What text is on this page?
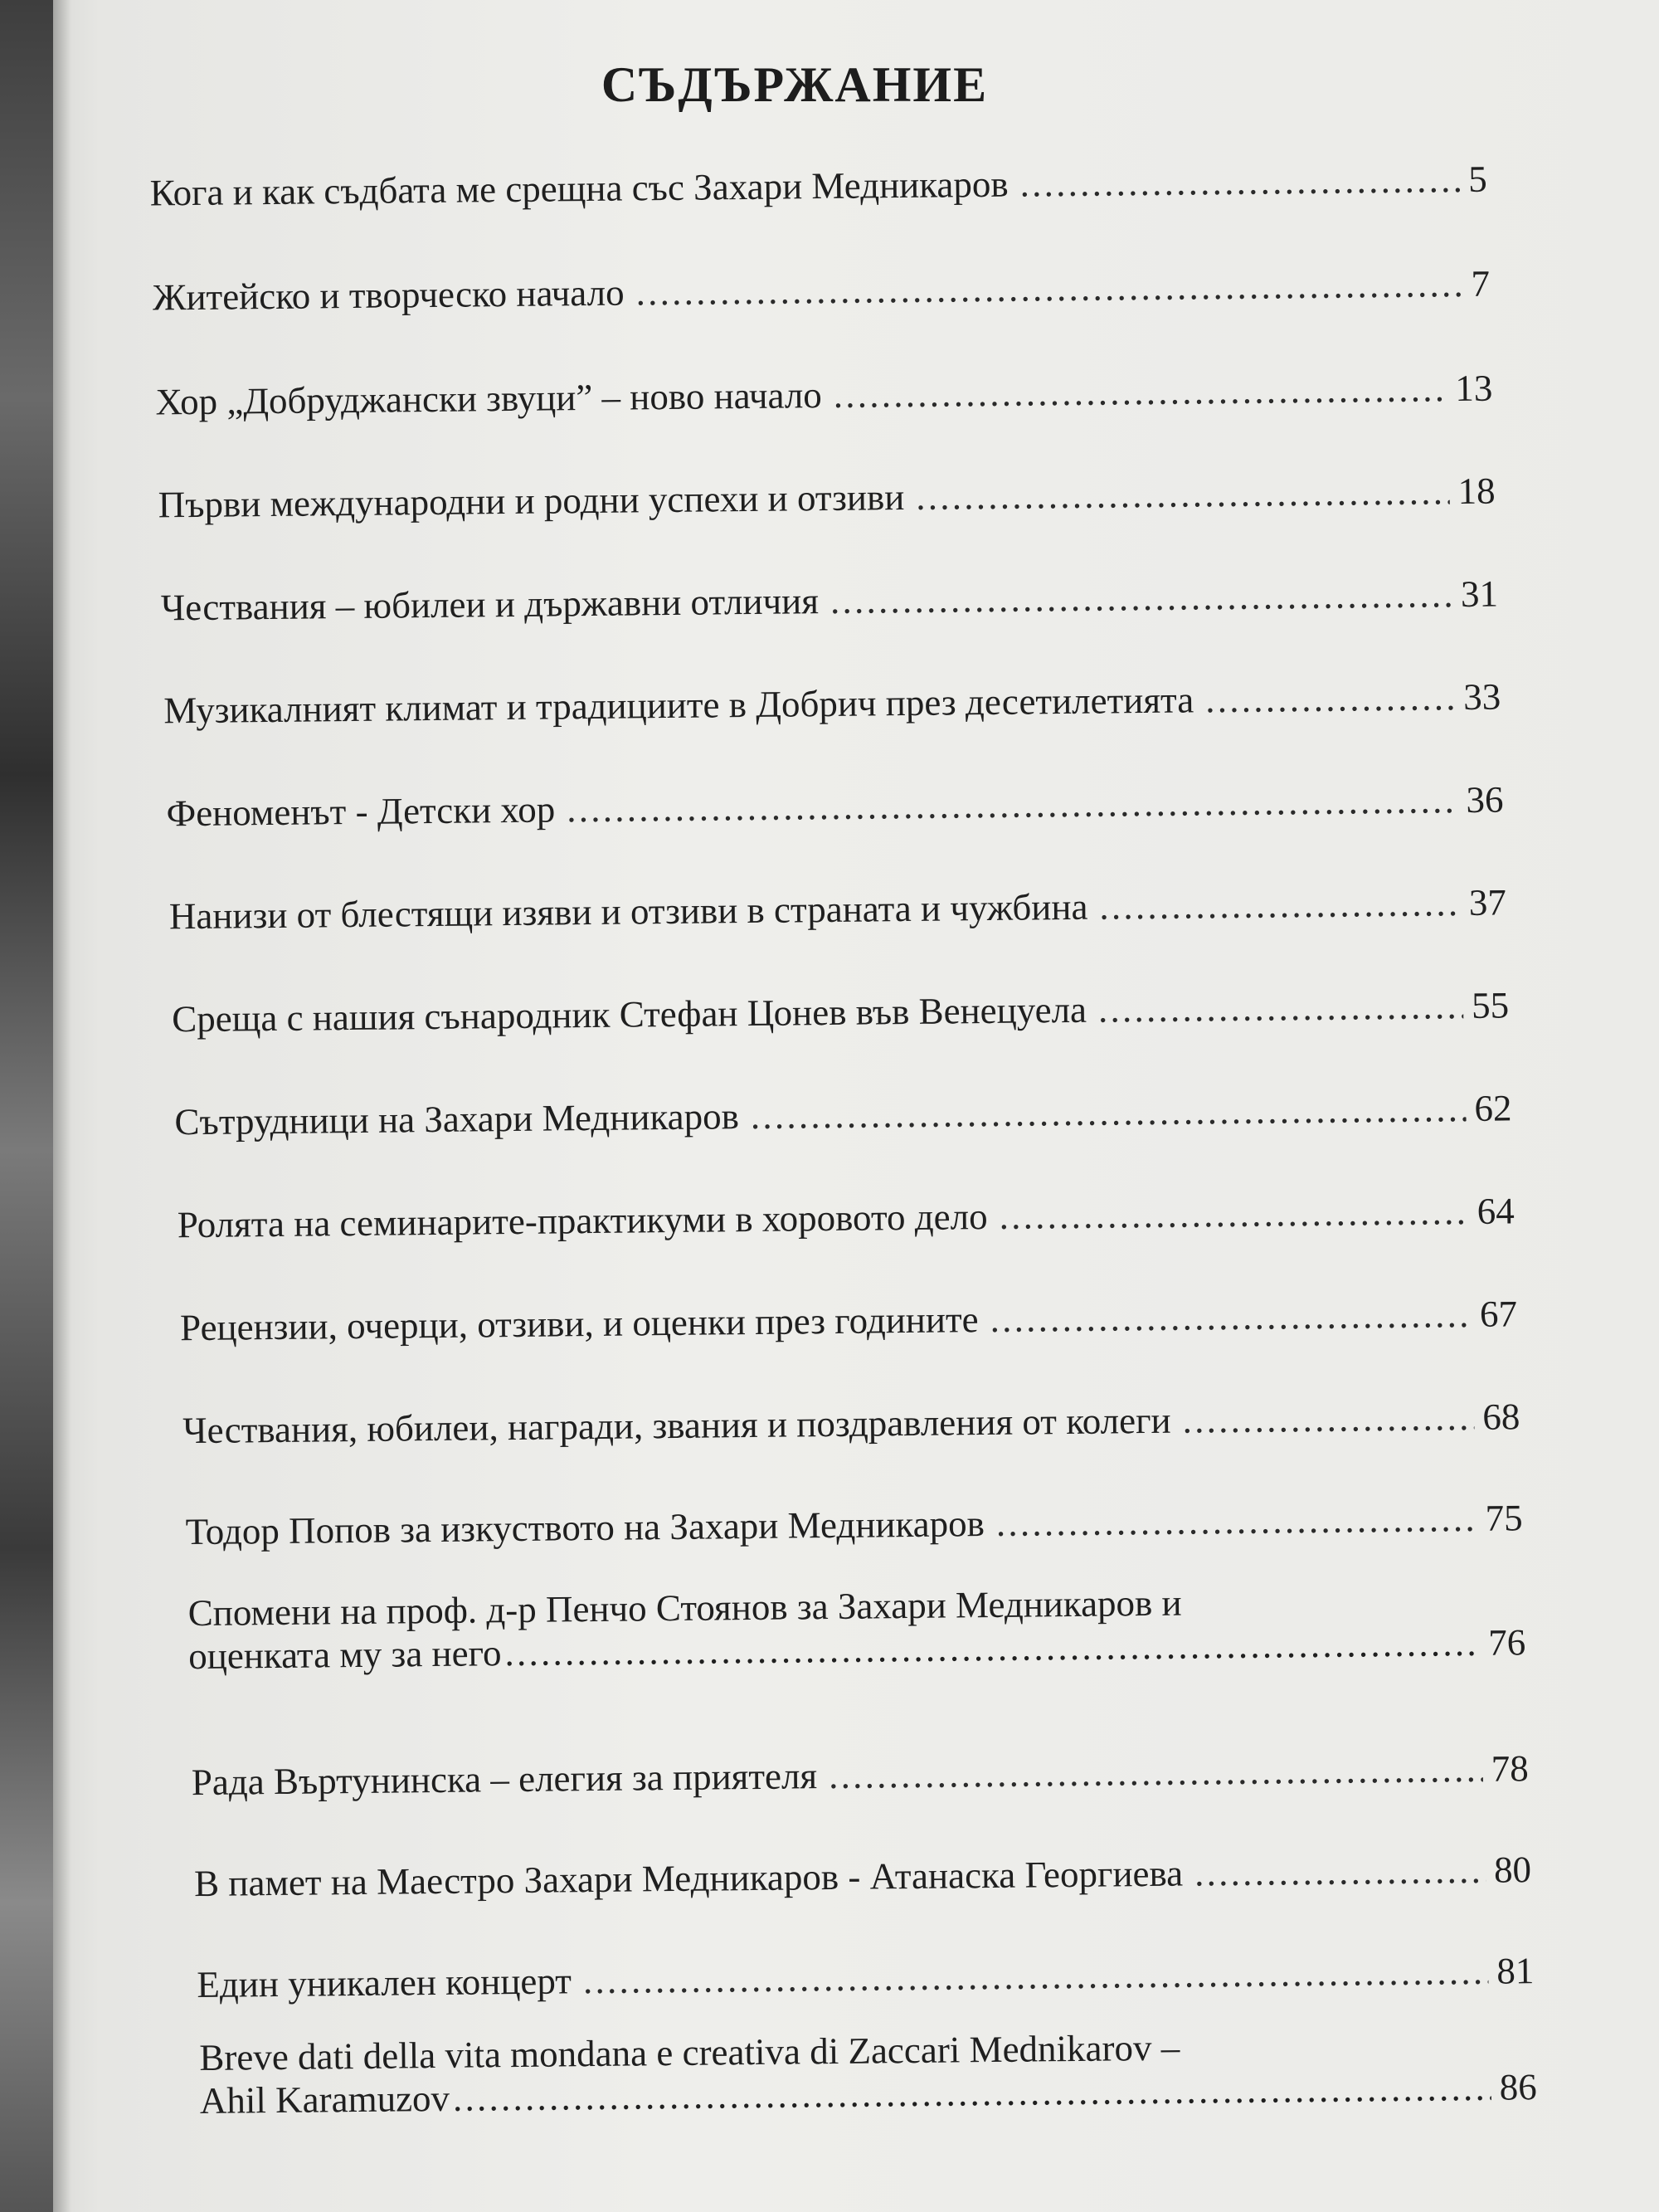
СЪДЪРЖАНИЕ
Кога и как съдбата ме срещна със Захари Медникаров . . .	5
Житейско и творческо начало . . .	7
Хор „Добруджански звуци” – ново начало . . .	13
Първи международни и родни успехи и отзиви . . .	18
Чествания – юбилеи и държавни отличия . . .	31
Музикалният климат и традициите в Добрич през десетилетията . . .	33
Феноменът - Детски хор . . .	36
Нанизи от блестящи изяви и отзиви в страната и чужбина . . .	37
Среща с нашия сънародник Стефан Цонев във Венецуела . . .	55
Сътрудници на Захари Медникаров . . .	62
Ролята на семинарите-практикуми в хоровото дело . . .	64
Рецензии, очерци, отзиви, и оценки през годините . . .	67
Чествания, юбилеи, награди, звания и поздравления от колеги . . .	68
Тодор Попов за изкуството на Захари Медникаров . . .	75
Спомени на проф. д-р Пенчо Стоянов за Захари Медникаров и
оценката му за него . . .	76
Рада Въртунинска – елегия за приятеля . . .	78
В памет на Маестро Захари Медникаров - Атанаска Георгиева . . .	80
Един уникален концерт . . .	81
Breve dati della vita mondana e creativa di Zaccari Mednikarov –
Ahil Karamuzov . . .	86
